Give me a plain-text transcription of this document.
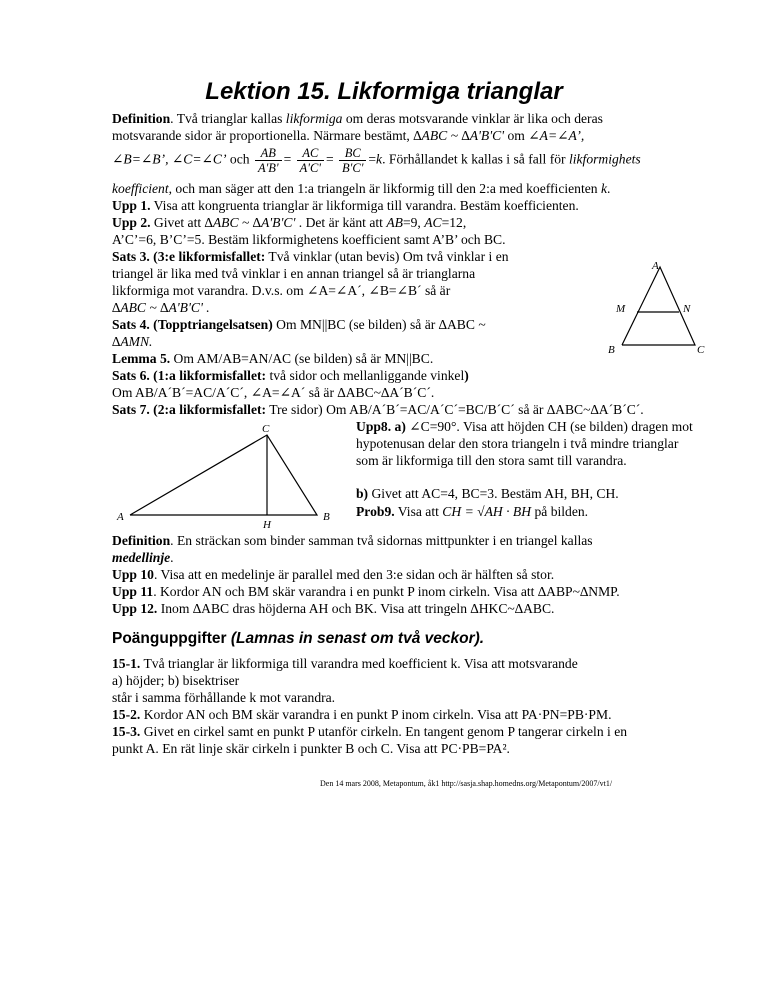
Lektion 15. Likformiga trianglar
Definition. Två trianglar kallas likformiga om deras motsvarande vinklar är lika och deras
motsvarande sidor är proportionella. Närmare bestämt, ∆ABC ~ ∆A'B'C' om ∠A=∠A’,
∠B=∠B’, ∠C=∠C’ och $\frac{AB}{A'B'} = \frac{AC}{A'C'} = \frac{BC}{B'C'} =k$. Förhållandet k kallas i så fall för likformighets
koefficient, och man säger att den 1:a triangeln är likformig till den 2:a med koefficienten k.
Upp 1. Visa att kongruenta trianglar är likformiga till varandra. Bestäm koefficienten.
Upp 2. Givet att ∆ABC ~ ∆A'B'C' . Det är känt att AB=9, AC=12,
A’C’=6, B’C’=5. Bestäm likformighetens koefficient samt A’B’ och BC.
Sats 3. (3:e likformisfallet: Två vinklar (utan bevis) Om två vinklar i en
triangel är lika med två vinklar i en annan triangel så är trianglarna
likformiga mot varandra. D.v.s. om ∠A=∠A´, ∠B=∠B´ så är
∆ABC ~ ∆A'B'C' .
Sats 4. (Topptriangelsatsen) Om MN||BC (se bilden) så är ∆ABC ~
∆AMN.
Lemma 5. Om AM/AB=AN/AC (se bilden) så är MN||BC.
Sats 6. (1:a likformisfallet: två sidor och mellanliggande vinkel)
Om AB/A´B´=AC/A´C´, ∠A=∠A´ så är ∆ABC~∆A´B´C´.
Sats 7. (2:a likformisfallet: Tre sidor) Om AB/A´B´=AC/A´C´=BC/B´C´ så är ∆ABC~∆A´B´C´.
Upp8. a) ∠C=90°. Visa att höjden CH (se bilden) dragen mot hypotenusan delar den stora triangeln i två mindre trianglar som är likformiga till den stora samt till varandra.
b) Givet att AC=4, BC=3. Bestäm AH, BH, CH.
Prob9. Visa att CH = √AH · BH på bilden.
Definition. En sträckan som binder samman två sidornas mittpunkter i en triangel kallas
medellinje.
Upp 10. Visa att en medelinje är parallel med den 3:e sidan och är hälften så stor.
Upp 11. Kordor AN och BM skär varandra i en punkt P inom cirkeln. Visa att ∆ABP~∆NMP.
Upp 12. Inom ∆ABC dras höjderna AH och BK. Visa att tringeln ∆HKC~∆ABC.
Poänguppgifter (Lamnas in senast om två veckor).
15-1. Två trianglar är likformiga till varandra med koefficient k. Visa att motsvarande
a) höjder; b) bisektriser
står i samma förhållande k mot varandra.
15-2. Kordor AN och BM skär varandra i en punkt P inom cirkeln. Visa att PA·PN=PB·PM.
15-3. Givet en cirkel samt en punkt P utanför cirkeln. En tangent genom P tangerar cirkeln i en
punkt A. En rät linje skär cirkeln i punkter B och C. Visa att PC·PB=PA².
Den 14 mars 2008, Metapontum, åk1 http://sasja.shap.homedns.org/Metapontum/2007/vt1/
A
M	N
B	C
C
A	B
H
